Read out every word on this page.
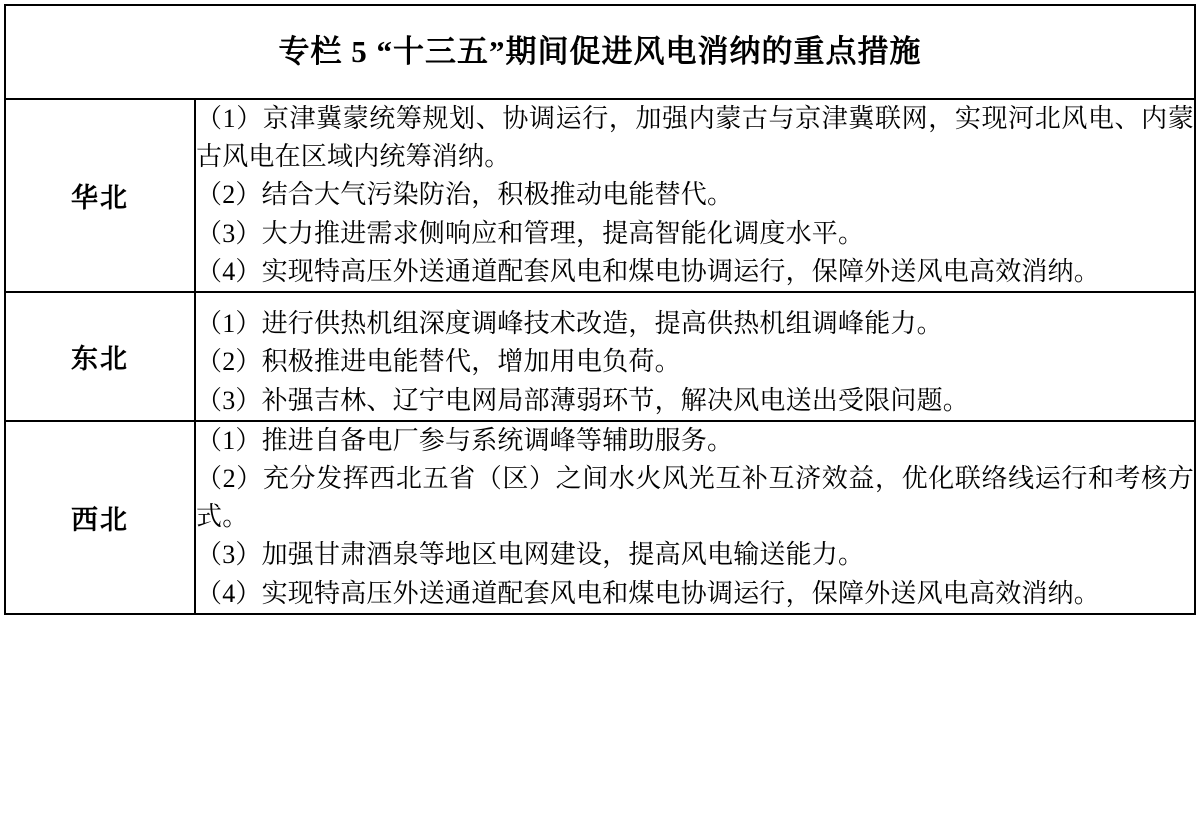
专栏 5 “十三五”期间促进风电消纳的重点措施	
华北	（1）京津冀蒙统筹规划、协调运行，加强内蒙古与京津冀联网，实现河北风电、内蒙古风电在区域内统筹消纳。

（2）结合大气污染防治，积极推动电能替代。

（3）大力推进需求侧响应和管理，提高智能化调度水平。

（4）实现特高压外送通道配套风电和煤电协调运行，保障外送风电高效消纳。

东北	（1）进行供热机组深度调峰技术改造，提高供热机组调峰能力。

（2）积极推进电能替代，增加用电负荷。

（3）补强吉林、辽宁电网局部薄弱环节，解决风电送出受限问题。

西北	（1）推进自备电厂参与系统调峰等辅助服务。

（2）充分发挥西北五省（区）之间水火风光互补互济效益，优化联络线运行和考核方式。

（3）加强甘肃酒泉等地区电网建设，提高风电输送能力。

（4）实现特高压外送通道配套风电和煤电协调运行，保障外送风电高效消纳。
